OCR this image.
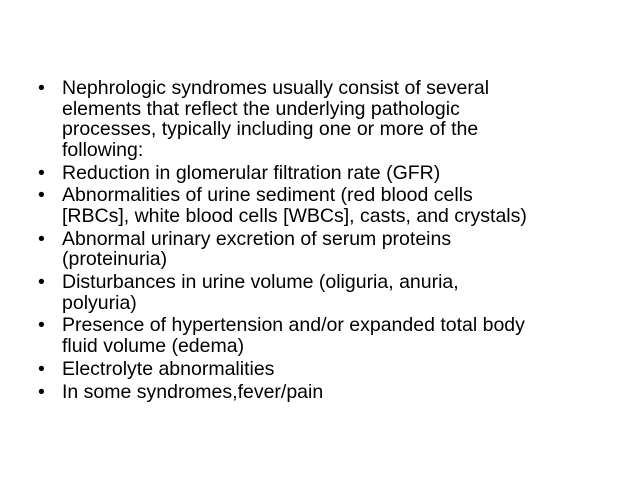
• Nephrologic syndromes usually consist of several
elements that reflect the underlying pathologic
processes, typically including one or more of the
following:
• Reduction in glomerular filtration rate (GFR)
• Abnormalities of urine sediment (red blood cells
[RBCs], white blood cells [WBCs], casts, and crystals)
• Abnormal urinary excretion of serum proteins
(proteinuria)
• Disturbances in urine volume (oliguria, anuria,
polyuria)
• Presence of hypertension and/or expanded total body
fluid volume (edema)
• Electrolyte abnormalities
• In some syndromes,fever/pain
